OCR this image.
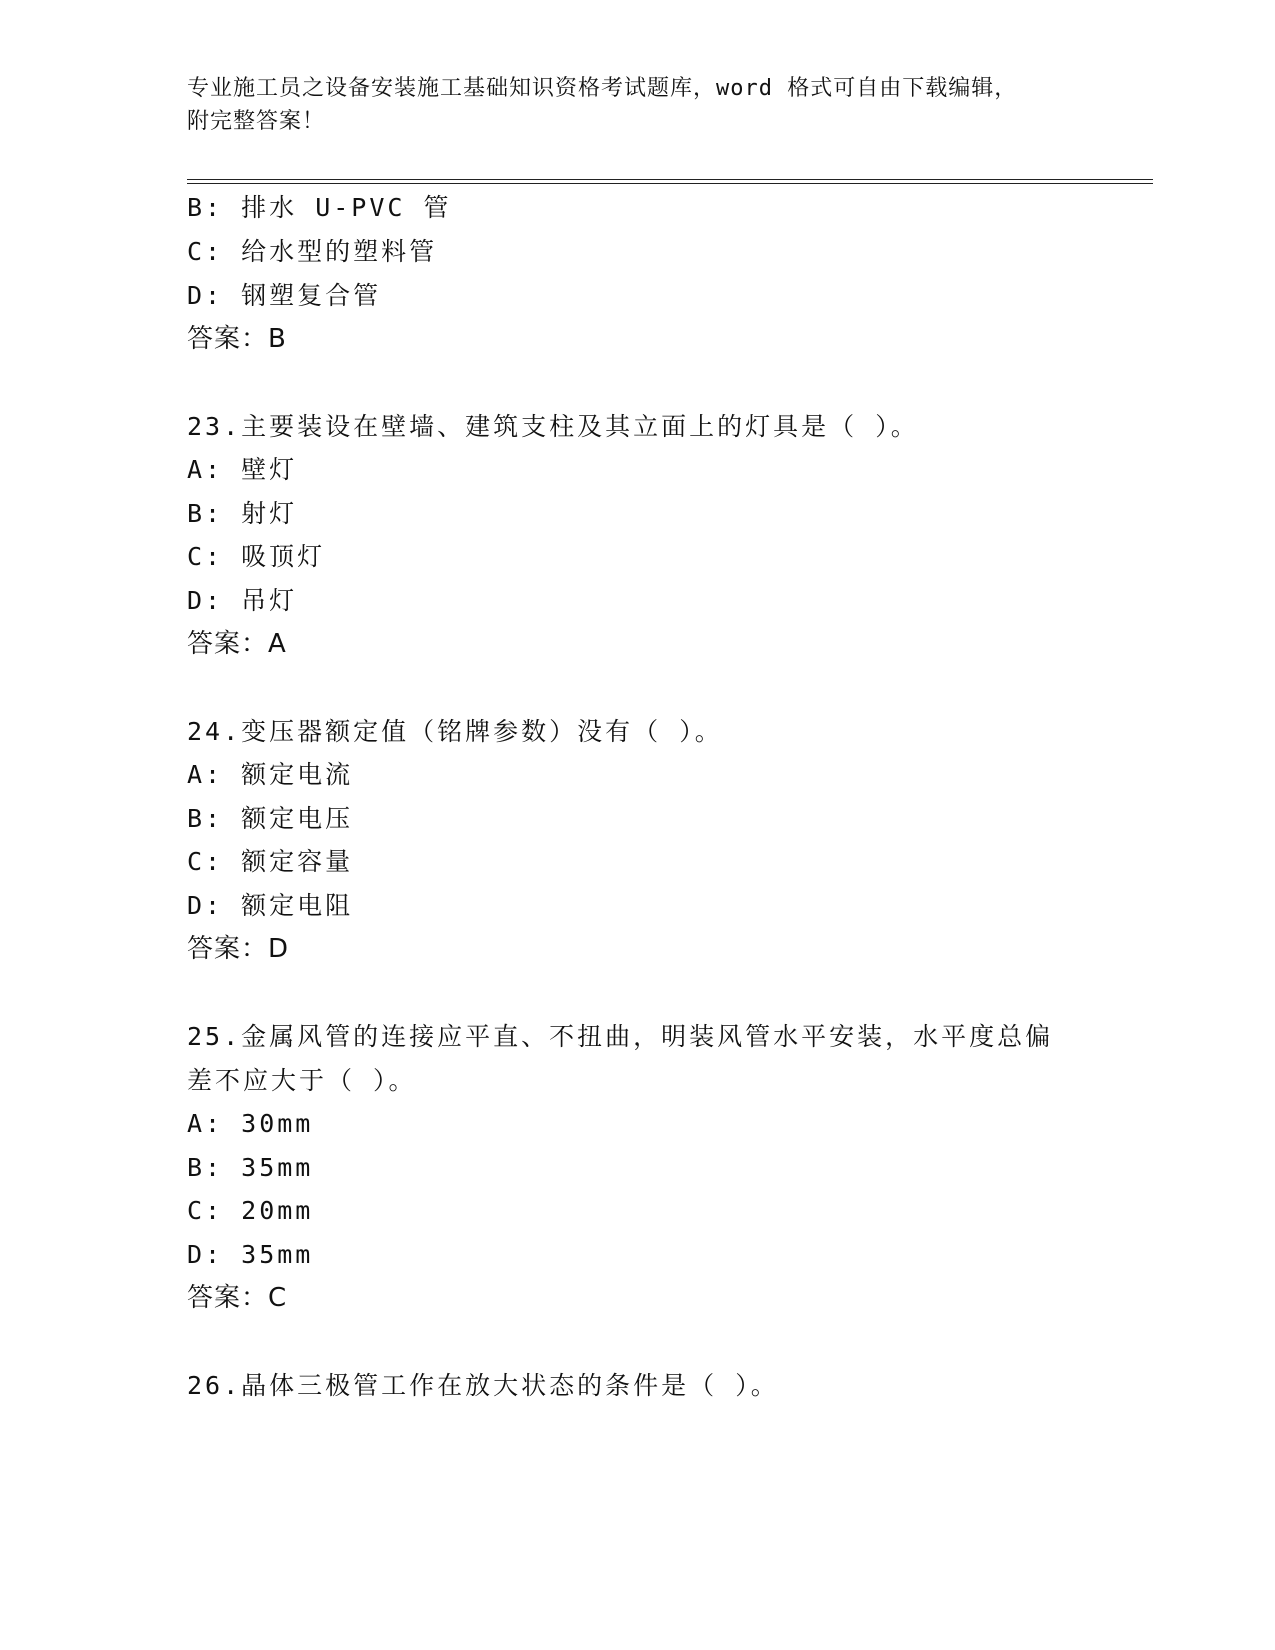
专业施工员之设备安装施工基础知识资格考试题库，word 格式可自由下载编辑，
附完整答案！
B: 排水 U-PVC 管
C: 给水型的塑料管
D: 钢塑复合管
答案：B
23.主要装设在壁墙、建筑支柱及其立面上的灯具是（ ）。
A: 壁灯
B: 射灯
C: 吸顶灯
D: 吊灯
答案：A
24.变压器额定值（铭牌参数）没有（ ）。
A: 额定电流
B: 额定电压
C: 额定容量
D: 额定电阻
答案：D
25.金属风管的连接应平直、不扭曲，明装风管水平安装，水平度总偏
差不应大于（ ）。
A: 30mm
B: 35mm
C: 20mm
D: 35mm
答案：C
26.晶体三极管工作在放大状态的条件是（ ）。
